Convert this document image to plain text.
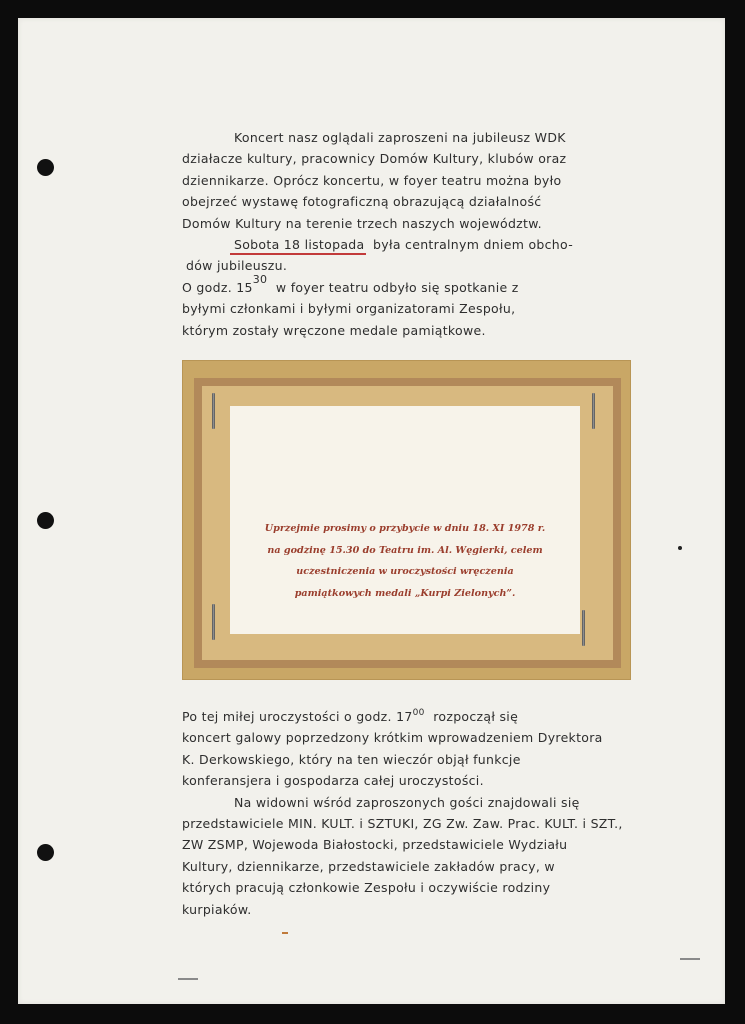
Koncert nasz oglądali zaproszeni na jubileusz WDK
działacze kultury, pracownicy Domów Kultury, klubów oraz
dziennikarze. Oprócz koncertu, w foyer teatru można było
obejrzeć wystawę fotograficzną obrazującą działalność
Domów Kultury na terenie trzech naszych województw.
Sobota 18 listopada była centralnym dniem obcho-
dów jubileuszu.
O godz. 1530  w foyer teatru odbyło się spotkanie z
byłymi członkami i byłymi organizatorami Zespołu,
którym zostały wręczone medale pamiątkowe.
Uprzejmie prosimy o przybycie w dniu 18. XI 1978 r.
na godzinę 15.30 do Teatru im. Al. Węgierki, celem
uczestniczenia w uroczystości wręczenia
pamiątkowych medali „Kurpi Zielonych”.
Po tej miłej uroczystości o godz. $17^{00}$ rozpoczął się
koncert galowy poprzedzony krótkim wprowadzeniem Dyrektora
K. Derkowskiego, który na ten wieczór objął funkcje
konferansjera i gospodarza całej uroczystości.
Na widowni wśród zaproszonych gości znajdowali się
przedstawiciele MIN. KULT. i SZTUKI, ZG Zw. Zaw. Prac. KULT. i SZT.,
ZW ZSMP, Wojewoda Białostocki, przedstawiciele Wydziału
Kultury, dziennikarze, przedstawiciele zakładów pracy, w
których pracują członkowie Zespołu i oczywiście rodziny
kurpiaków.
